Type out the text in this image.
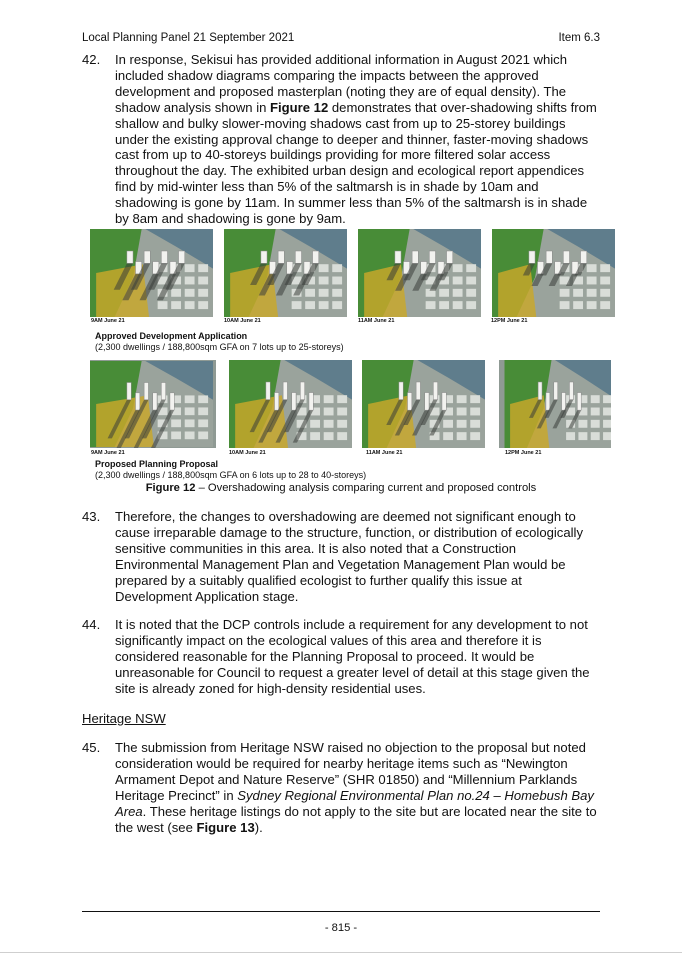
Local Planning Panel 21 September 2021	Item 6.3
42. In response, Sekisui has provided additional information in August 2021 which included shadow diagrams comparing the impacts between the approved development and proposed masterplan (noting they are of equal density). The shadow analysis shown in Figure 12 demonstrates that over-shadowing shifts from shallow and bulky slower-moving shadows cast from up to 25-storey buildings under the existing approval change to deeper and thinner, faster-moving shadows cast from up to 40-storeys buildings providing for more filtered solar access throughout the day. The exhibited urban design and ecological report appendices find by mid-winter less than 5% of the saltmarsh is in shade by 10am and shadowing is gone by 11am. In summer less than 5% of the saltmarsh is in shade by 8am and shadowing is gone by 9am.
9AM June 21	10AM June 21	11AM June 21	12PM June 21
Approved Development Application
(2,300 dwellings / 188,800sqm GFA on 7 lots up to 25-storeys)
9AM June 21	10AM June 21	11AM June 21	12PM June 21
Proposed Planning Proposal
(2,300 dwellings / 188,800sqm GFA on 6 lots up to 28 to 40-storeys)
Figure 12 – Overshadowing analysis comparing current and proposed controls
43. Therefore, the changes to overshadowing are deemed not significant enough to cause irreparable damage to the structure, function, or distribution of ecologically sensitive communities in this area. It is also noted that a Construction Environmental Management Plan and Vegetation Management Plan would be prepared by a suitably qualified ecologist to further qualify this issue at Development Application stage.
44. It is noted that the DCP controls include a requirement for any development to not significantly impact on the ecological values of this area and therefore it is considered reasonable for the Planning Proposal to proceed. It would be unreasonable for Council to request a greater level of detail at this stage given the site is already zoned for high-density residential uses.
Heritage NSW
45. The submission from Heritage NSW raised no objection to the proposal but noted consideration would be required for nearby heritage items such as “Newington Armament Depot and Nature Reserve” (SHR 01850) and “Millennium Parklands Heritage Precinct” in Sydney Regional Environmental Plan no.24 – Homebush Bay Area. These heritage listings do not apply to the site but are located near the site to the west (see Figure 13).
- 815 -
